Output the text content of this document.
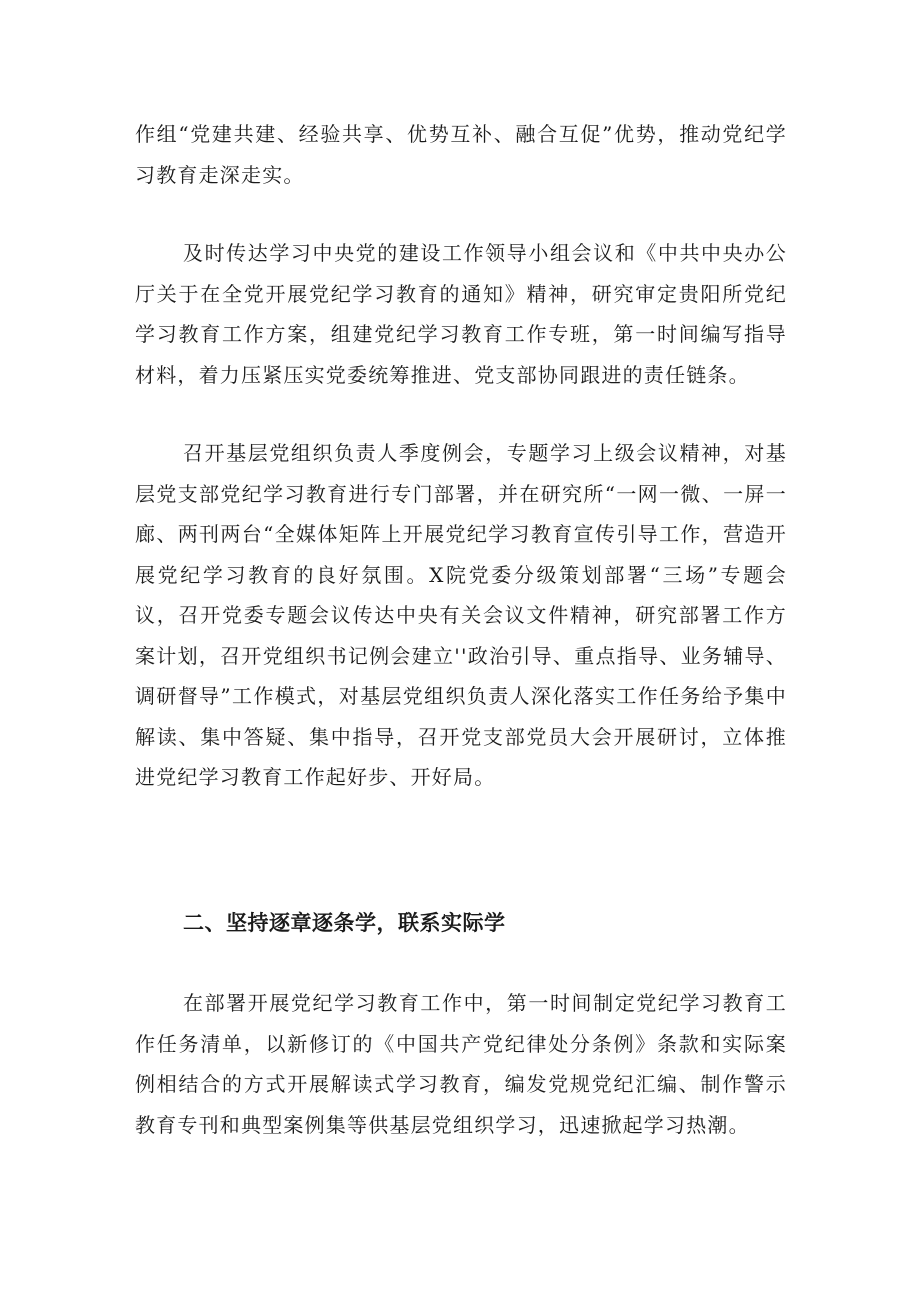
作组“党建共建、经验共享、优势互补、融合互促”优势，推动党纪学习教育走深走实。

及时传达学习中央党的建设工作领导小组会议和《中共中央办公厅关于在全党开展党纪学习教育的通知》精神，研究审定贵阳所党纪学习教育工作方案，组建党纪学习教育工作专班，第一时间编写指导材料，着力压紧压实党委统筹推进、党支部协同跟进的责任链条。

召开基层党组织负责人季度例会，专题学习上级会议精神，对基层党支部党纪学习教育进行专门部署，并在研究所“一网一微、一屏一廊、两刊两台“全媒体矩阵上开展党纪学习教育宣传引导工作，营造开展党纪学习教育的良好氛围。X院党委分级策划部署“三场”专题会议，召开党委专题会议传达中央有关会议文件精神，研究部署工作方案计划，召开党组织书记例会建立''政治引导、重点指导、业务辅导、调研督导”工作模式，对基层党组织负责人深化落实工作任务给予集中解读、集中答疑、集中指导，召开党支部党员大会开展研讨，立体推进党纪学习教育工作起好步、开好局。

二、坚持逐章逐条学，联系实际学

在部署开展党纪学习教育工作中，第一时间制定党纪学习教育工作任务清单，以新修订的《中国共产党纪律处分条例》条款和实际案例相结合的方式开展解读式学习教育，编发党规党纪汇编、制作警示教育专刊和典型案例集等供基层党组织学习，迅速掀起学习热潮。
